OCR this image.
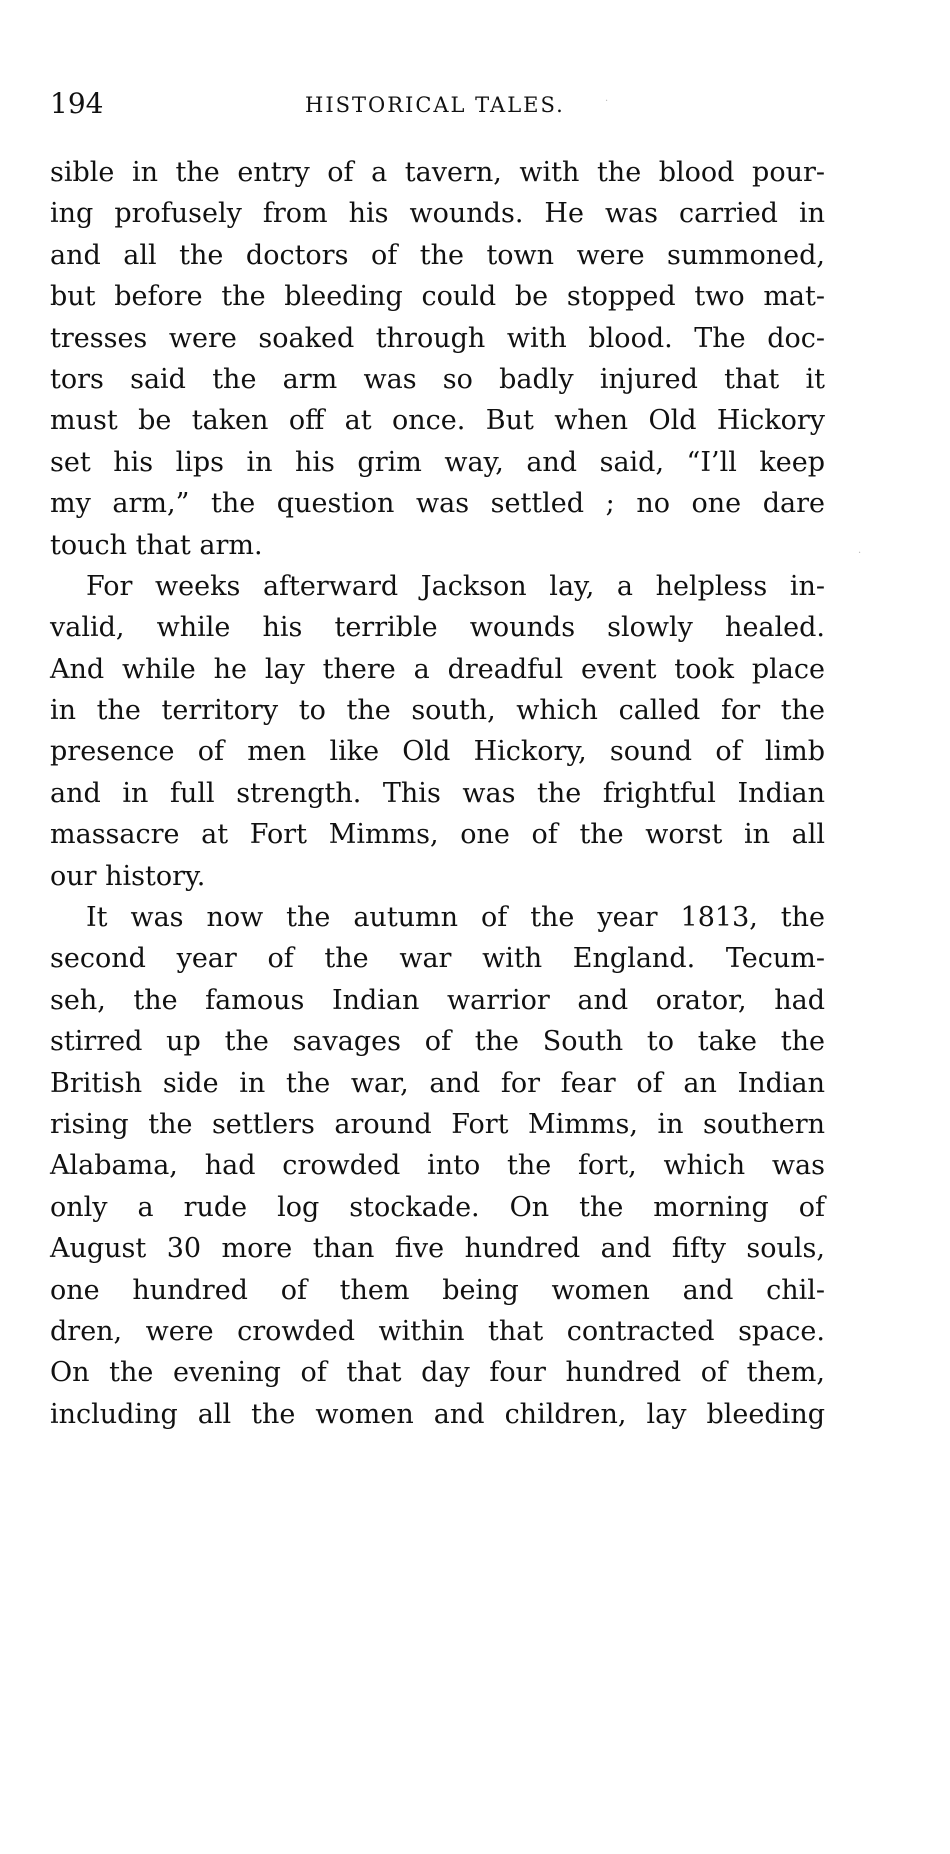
194	HISTORICAL TALES.
sible in the entry of a tavern, with the blood pour-
ing profusely from his wounds. He was carried in
and all the doctors of the town were summoned,
but before the bleeding could be stopped two mat-
tresses were soaked through with blood. The doc-
tors said the arm was so badly injured that it
must be taken off at once. But when Old Hickory
set his lips in his grim way, and said, “I’ll keep
my arm,” the question was settled ; no one dare
touch that arm.
For weeks afterward Jackson lay, a helpless in-
valid, while his terrible wounds slowly healed.
And while he lay there a dreadful event took place
in the territory to the south, which called for the
presence of men like Old Hickory, sound of limb
and in full strength. This was the frightful Indian
massacre at Fort Mimms, one of the worst in all
our history.
It was now the autumn of the year 1813, the
second year of the war with England. Tecum-
seh, the famous Indian warrior and orator, had
stirred up the savages of the South to take the
British side in the war, and for fear of an Indian
rising the settlers around Fort Mimms, in southern
Alabama, had crowded into the fort, which was
only a rude log stockade. On the morning of
August 30 more than five hundred and fifty souls,
one hundred of them being women and chil-
dren, were crowded within that contracted space.
On the evening of that day four hundred of them,
including all the women and children, lay bleeding
·
·
